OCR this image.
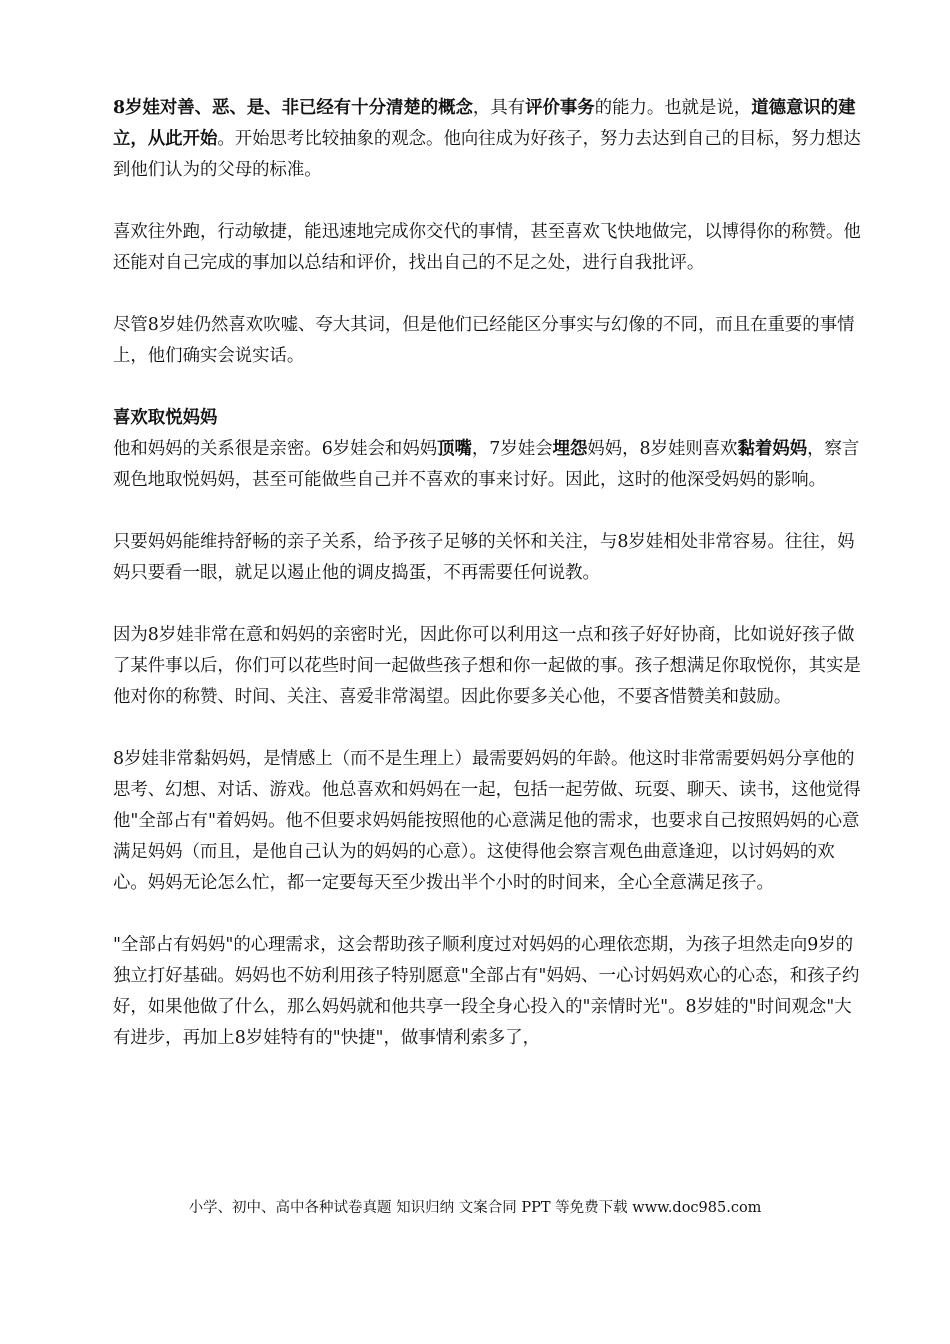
8岁娃对善、恶、是、非已经有十分清楚的概念，具有评价事务的能力。也就是说，道德意识的建立，从此开始。开始思考比较抽象的观念。他向往成为好孩子，努力去达到自己的目标，努力想达到他们认为的父母的标准。

喜欢往外跑，行动敏捷，能迅速地完成你交代的事情，甚至喜欢飞快地做完，以博得你的称赞。他还能对自己完成的事加以总结和评价，找出自己的不足之处，进行自我批评。

尽管8岁娃仍然喜欢吹嘘、夸大其词，但是他们已经能区分事实与幻像的不同，而且在重要的事情上，他们确实会说实话。

喜欢取悦妈妈

他和妈妈的关系很是亲密。6岁娃会和妈妈顶嘴，7岁娃会埋怨妈妈，8岁娃则喜欢黏着妈妈，察言观色地取悦妈妈，甚至可能做些自己并不喜欢的事来讨好。因此，这时的他深受妈妈的影响。

只要妈妈能维持舒畅的亲子关系，给予孩子足够的关怀和关注，与8岁娃相处非常容易。往往，妈妈只要看一眼，就足以遏止他的调皮捣蛋，不再需要任何说教。

因为8岁娃非常在意和妈妈的亲密时光，因此你可以利用这一点和孩子好好协商，比如说好孩子做了某件事以后，你们可以花些时间一起做些孩子想和你一起做的事。孩子想满足你取悦你，其实是他对你的称赞、时间、关注、喜爱非常渴望。因此你要多关心他，不要吝惜赞美和鼓励。

8岁娃非常黏妈妈，是情感上（而不是生理上）最需要妈妈的年龄。他这时非常需要妈妈分享他的思考、幻想、对话、游戏。他总喜欢和妈妈在一起，包括一起劳做、玩耍、聊天、读书，这他觉得他"全部占有"着妈妈。他不但要求妈妈能按照他的心意满足他的需求，也要求自己按照妈妈的心意满足妈妈（而且，是他自己认为的妈妈的心意）。这使得他会察言观色曲意逢迎，以讨妈妈的欢心。妈妈无论怎么忙，都一定要每天至少拨出半个小时的时间来，全心全意满足孩子。

"全部占有妈妈"的心理需求，这会帮助孩子顺利度过对妈妈的心理依恋期，为孩子坦然走向9岁的独立打好基础。妈妈也不妨利用孩子特别愿意"全部占有"妈妈、一心讨妈妈欢心的心态，和孩子约好，如果他做了什么，那么妈妈就和他共享一段全身心投入的"亲情时光"。8岁娃的"时间观念"大有进步，再加上8岁娃特有的"快捷"，做事情利索多了，

小学、初中、高中各种试卷真题 知识归纳 文案合同 PPT 等免费下载 www.doc985.com
